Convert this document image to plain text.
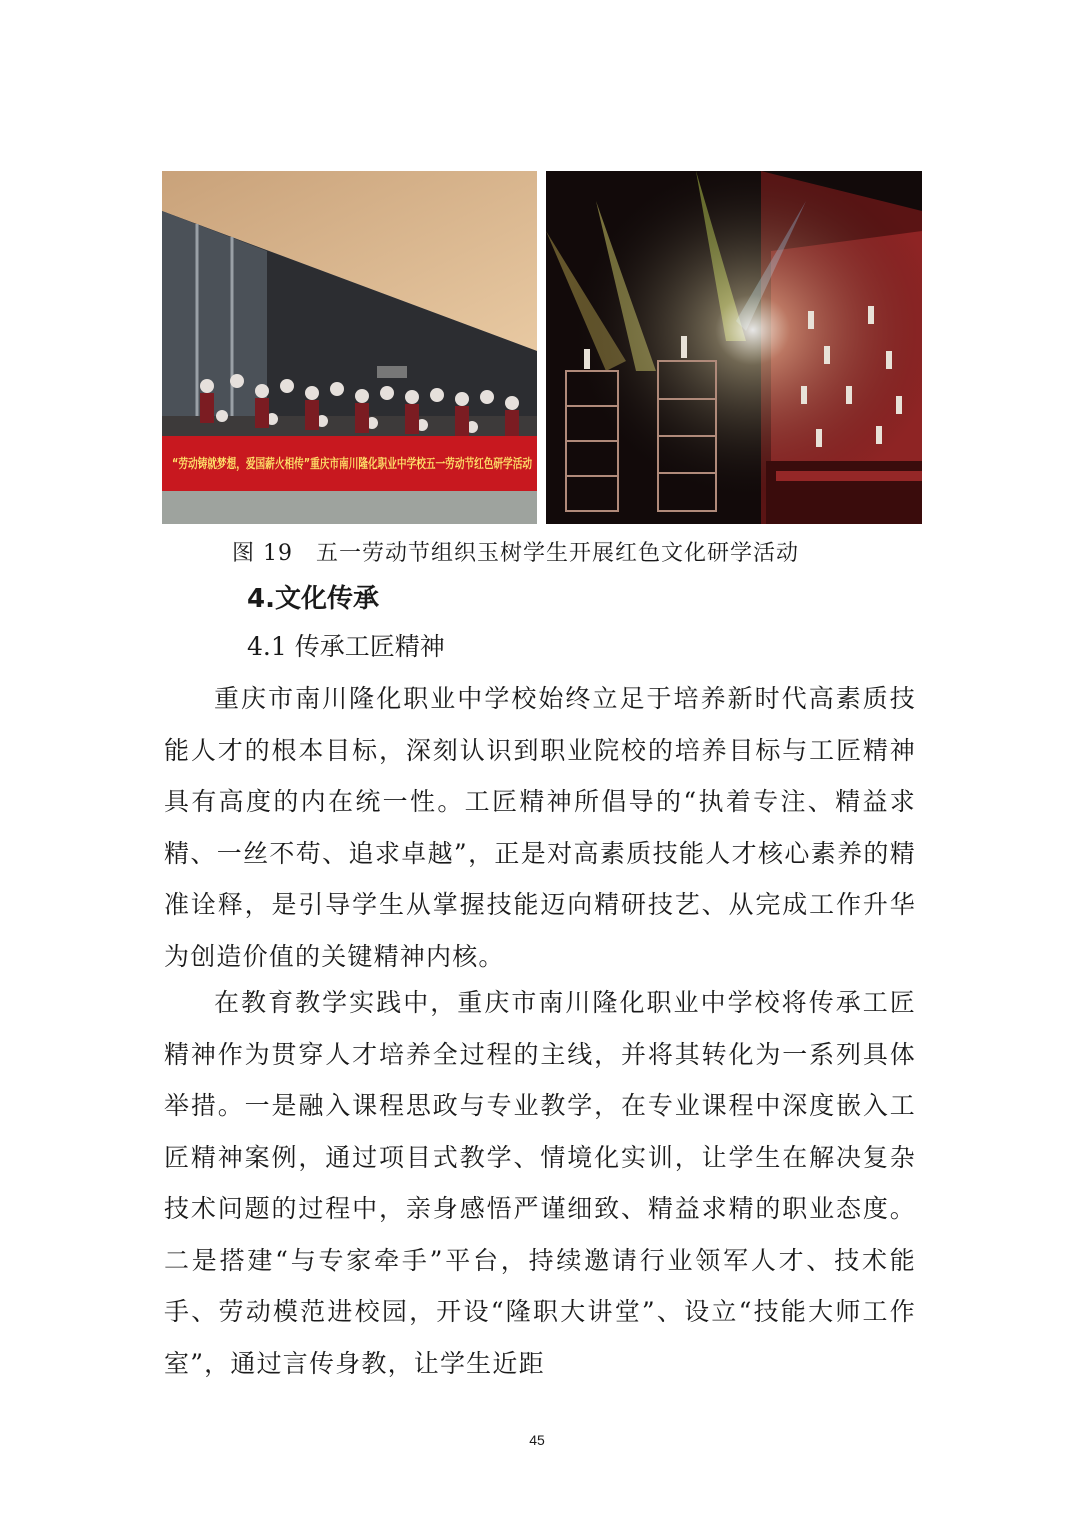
“劳动铸就梦想，爱国薪火相传”重庆市南川隆化职业中学校五一劳动节红色研学活动
图 19　五一劳动节组织玉树学生开展红色文化研学活动
4.文化传承
4.1 传承工匠精神

重庆市南川隆化职业中学校始终立足于培养新时代高素质技能人才的根本目标，深刻认识到职业院校的培养目标与工匠精神具有高度的内在统一性。工匠精神所倡导的“执着专注、精益求精、一丝不苟、追求卓越”，正是对高素质技能人才核心素养的精准诠释，是引导学生从掌握技能迈向精研技艺、从完成工作升华为创造价值的关键精神内核。

在教育教学实践中，重庆市南川隆化职业中学校将传承工匠精神作为贯穿人才培养全过程的主线，并将其转化为一系列具体举措。一是融入课程思政与专业教学，在专业课程中深度嵌入工匠精神案例，通过项目式教学、情境化实训，让学生在解决复杂技术问题的过程中，亲身感悟严谨细致、精益求精的职业态度。二是搭建“与专家牵手”平台，持续邀请行业领军人才、技术能手、劳动模范进校园，开设“隆职大讲堂”、设立“技能大师工作室”，通过言传身教，让学生近距

45
